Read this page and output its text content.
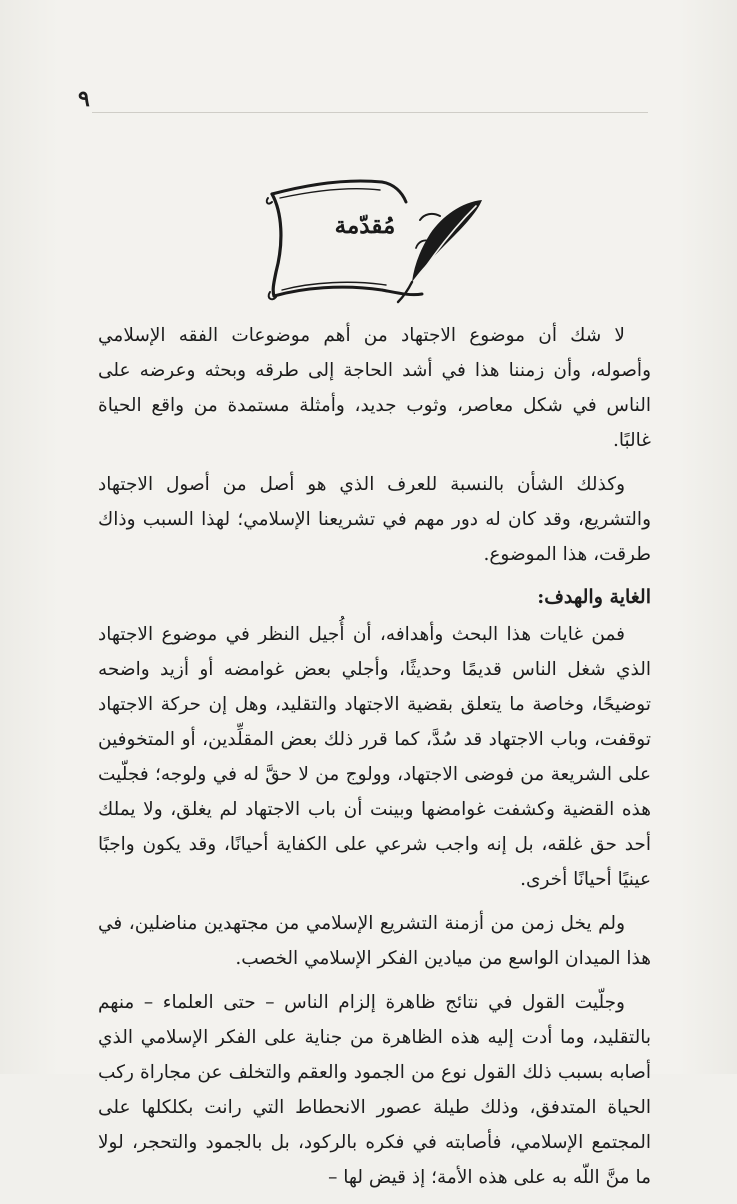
٩
مُقدّمة

لا شك أن موضوع الاجتهاد من أهم موضوعات الفقه الإسلامي وأصوله، وأن زمننا هذا في أشد الحاجة إلى طرقه وبحثه وعرضه على الناس في شكل معاصر، وثوب جديد، وأمثلة مستمدة من واقع الحياة غالبًا.

وكذلك الشأن بالنسبة للعرف الذي هو أصل من أصول الاجتهاد والتشريع، وقد كان له دور مهم في تشريعنا الإسلامي؛ لهذا السبب وذاك طرقت، هذا الموضوع.

الغاية والهدف:

فمن غايات هذا البحث وأهدافه، أن أُجيل النظر في موضوع الاجتهاد الذي شغل الناس قديمًا وحديثًا، وأجلي بعض غوامضه أو أزيد واضحه توضيحًا، وخاصة ما يتعلق بقضية الاجتهاد والتقليد، وهل إن حركة الاجتهاد توقفت، وباب الاجتهاد قد سُدَّ، كما قرر ذلك بعض المقلِّدين، أو المتخوفين على الشريعة من فوضى الاجتهاد، وولوج من لا حقَّ له في ولوجه؛ فجلّيت هذه القضية وكشفت غوامضها وبينت أن باب الاجتهاد لم يغلق، ولا يملك أحد حق غلقه، بل إنه واجب شرعي على الكفاية أحيانًا، وقد يكون واجبًا عينيًا أحيانًا أخرى.

ولم يخل زمن من أزمنة التشريع الإسلامي من مجتهدين مناضلين، في هذا الميدان الواسع من ميادين الفكر الإسلامي الخصب.

وجلّيت القول في نتائج ظاهرة إلزام الناس – حتى العلماء – منهم بالتقليد، وما أدت إليه هذه الظاهرة من جناية على الفكر الإسلامي الذي أصابه بسبب ذلك القول نوع من الجمود والعقم والتخلف عن مجاراة ركب الحياة المتدفق، وذلك طيلة عصور الانحطاط التي رانت بكلكلها على المجتمع الإسلامي، فأصابته في فكره بالركود، بل بالجمود والتحجر، لولا ما منَّ اللّه به على هذه الأمة؛ إذ قيض لها –
